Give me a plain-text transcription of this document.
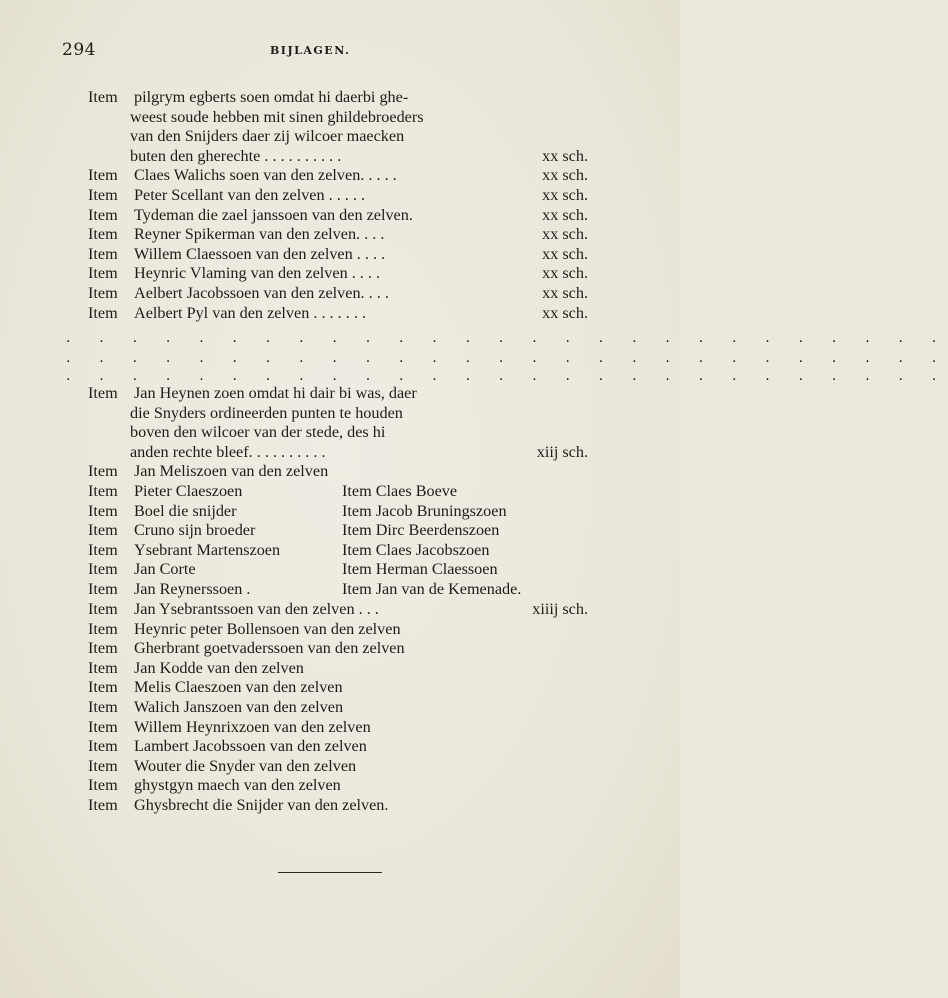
294	BIJLAGEN.
Item pilgrym egberts soen omdat hi daerbi ghe-
weest soude hebben mit sinen ghildebroeders
van den Snijders daer zij wilcoer maecken
buten den gherechte . . . . . . . . . .	xx sch.
Item Claes Walichs soen van den zelven. . . . .	xx sch.
Item Peter Scellant van den zelven . . . . .	xx sch.
Item Tydeman die zael janssoen van den zelven.	xx sch.
Item Reyner Spikerman van den zelven. . . .	xx sch.
Item Willem Claessoen van den zelven . . . .	xx sch.
Item Heynric Vlaming van den zelven . . . .	xx sch.
Item Aelbert Jacobssoen van den zelven. . . .	xx sch.
Item Aelbert Pyl van den zelven . . . . . . .	xx sch.
. . . . . . . . . . . . . . . . . . . . . . . . . . .
. . . . . . . . . . . . . . . . . . . . . . . . . . .
. . . . . . . . . . . . . . . . . . . . . . . . . . .
Item Jan Heynen zoen omdat hi dair bi was, daer
die Snyders ordineerden punten te houden
boven den wilcoer van der stede, des hi
anden rechte bleef. . . . . . . . . .	xiij sch.
Item Jan Meliszoen van den zelven
Item Pieter Claeszoen	Item Claes Boeve
Item Boel die snijder	Item Jacob Bruningszoen
Item Cruno sijn broeder	Item Dirc Beerdenszoen
Item Ysebrant Martenszoen	Item Claes Jacobszoen
Item Jan Corte	Item Herman Claessoen
Item Jan Reynerssoen .	Item Jan van de Kemenade.
Item Jan Ysebrantssoen van den zelven . . .	xiiij sch.
Item Heynric peter Bollensoen van den zelven
Item Gherbrant goetvaderssoen van den zelven
Item Jan Kodde van den zelven
Item Melis Claeszoen van den zelven
Item Walich Janszoen van den zelven
Item Willem Heynrixzoen van den zelven
Item Lambert Jacobssoen van den zelven
Item Wouter die Snyder van den zelven
Item ghystgyn maech van den zelven
Item Ghysbrecht die Snijder van den zelven.
